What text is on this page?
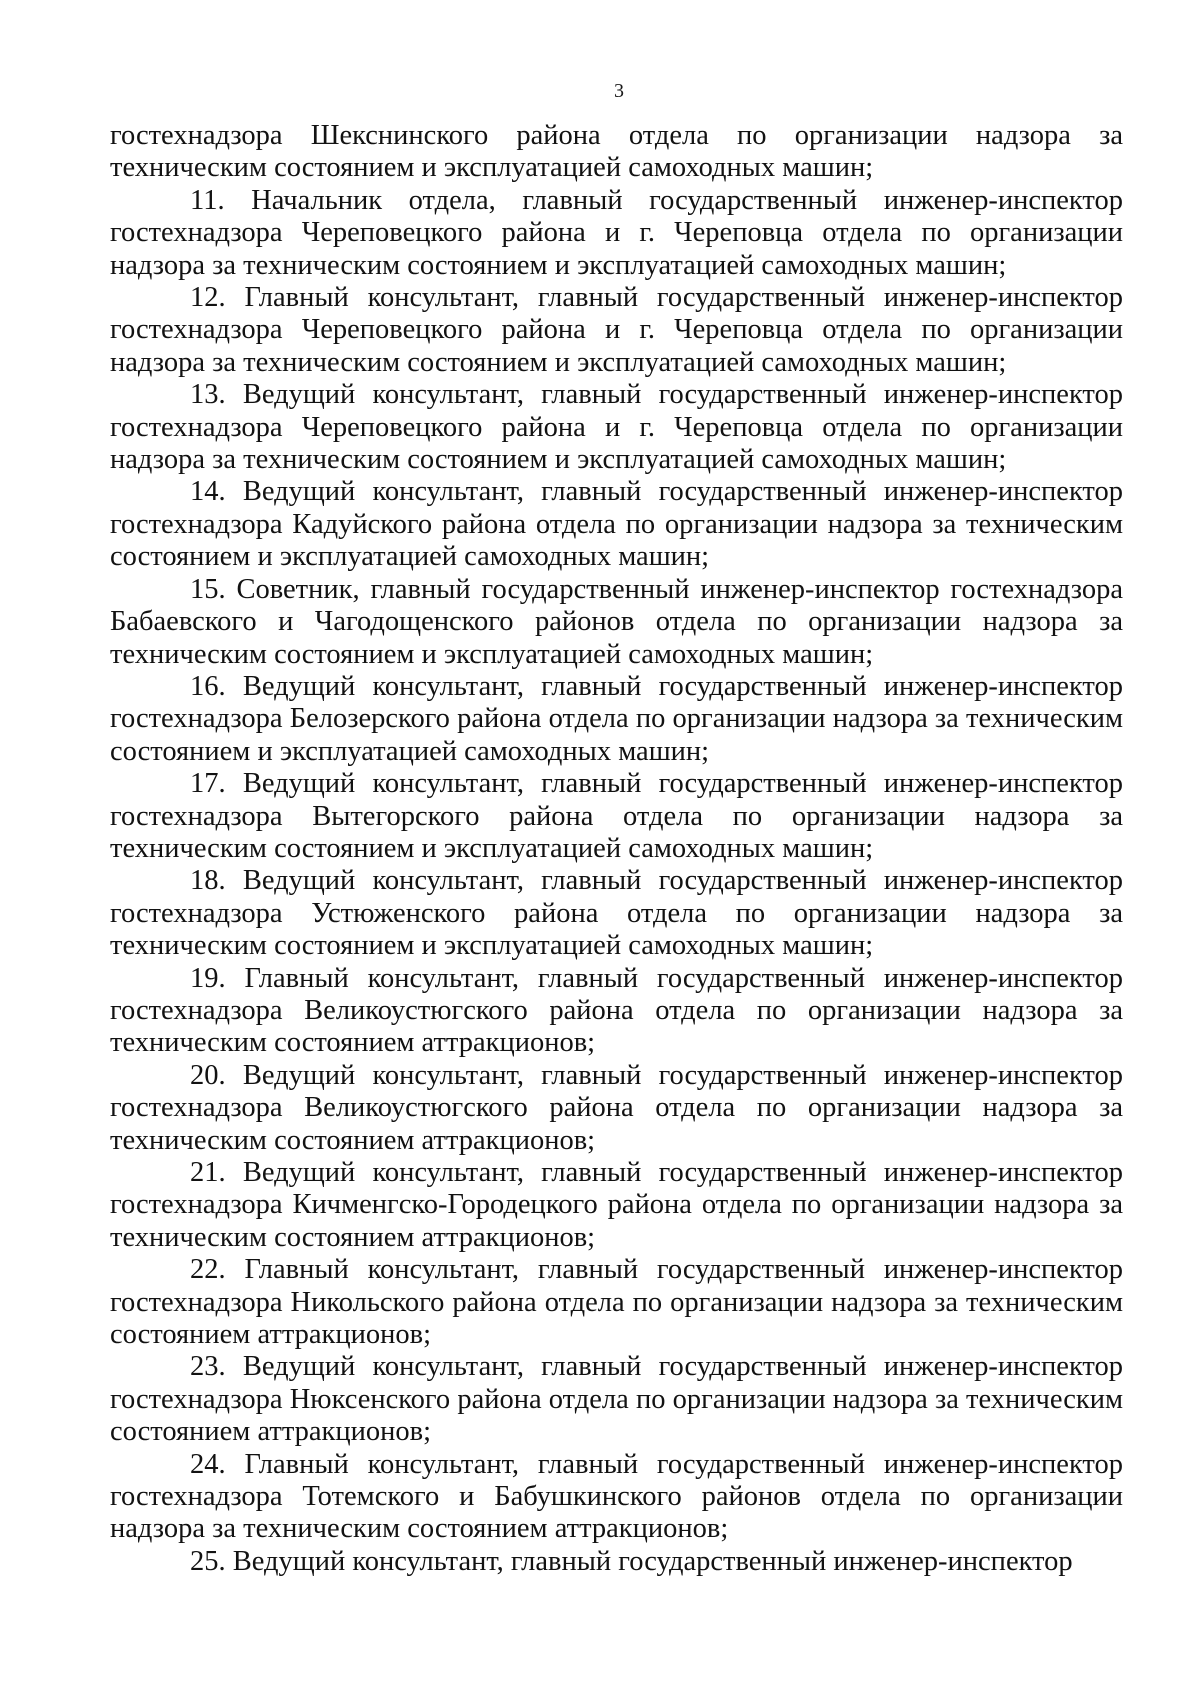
3

гостехнадзора Шекснинского района отдела по организации надзора за техническим состоянием и эксплуатацией самоходных машин;

11. Начальник отдела, главный государственный инженер-инспектор гостехнадзора Череповецкого района и г. Череповца отдела по организации надзора за техническим состоянием и эксплуатацией самоходных машин;

12. Главный консультант, главный государственный инженер-инспектор гостехнадзора Череповецкого района и г. Череповца отдела по организации надзора за техническим состоянием и эксплуатацией самоходных машин;

13. Ведущий консультант, главный государственный инженер-инспектор гостехнадзора Череповецкого района и г. Череповца отдела по организации надзора за техническим состоянием и эксплуатацией самоходных машин;

14. Ведущий консультант, главный государственный инженер-инспектор гостехнадзора Кадуйского района отдела по организации надзора за техническим состоянием и эксплуатацией самоходных машин;

15. Советник, главный государственный инженер-инспектор гостехнадзора Бабаевского и Чагодощенского районов отдела по организации надзора за техническим состоянием и эксплуатацией самоходных машин;

16. Ведущий консультант, главный государственный инженер-инспектор гостехнадзора Белозерского района отдела по организации надзора за техническим состоянием и эксплуатацией самоходных машин;

17. Ведущий консультант, главный государственный инженер-инспектор гостехнадзора Вытегорского района отдела по организации надзора за техническим состоянием и эксплуатацией самоходных машин;

18. Ведущий консультант, главный государственный инженер-инспектор гостехнадзора Устюженского района отдела по организации надзора за техническим состоянием и эксплуатацией самоходных машин;

19. Главный консультант, главный государственный инженер-инспектор гостехнадзора Великоустюгского района отдела по организации надзора за техническим состоянием аттракционов;

20. Ведущий консультант, главный государственный инженер-инспектор гостехнадзора Великоустюгского района отдела по организации надзора за техническим состоянием аттракционов;

21. Ведущий консультант, главный государственный инженер-инспектор гостехнадзора Кичменгско-Городецкого района отдела по организации надзора за техническим состоянием аттракционов;

22. Главный консультант, главный государственный инженер-инспектор гостехнадзора Никольского района отдела по организации надзора за техническим состоянием аттракционов;

23. Ведущий консультант, главный государственный инженер-инспектор гостехнадзора Нюксенского района отдела по организации надзора за техническим состоянием аттракционов;

24. Главный консультант, главный государственный инженер-инспектор гостехнадзора Тотемского и Бабушкинского районов отдела по организации надзора за техническим состоянием аттракционов;

25. Ведущий консультант, главный государственный инженер-инспектор
